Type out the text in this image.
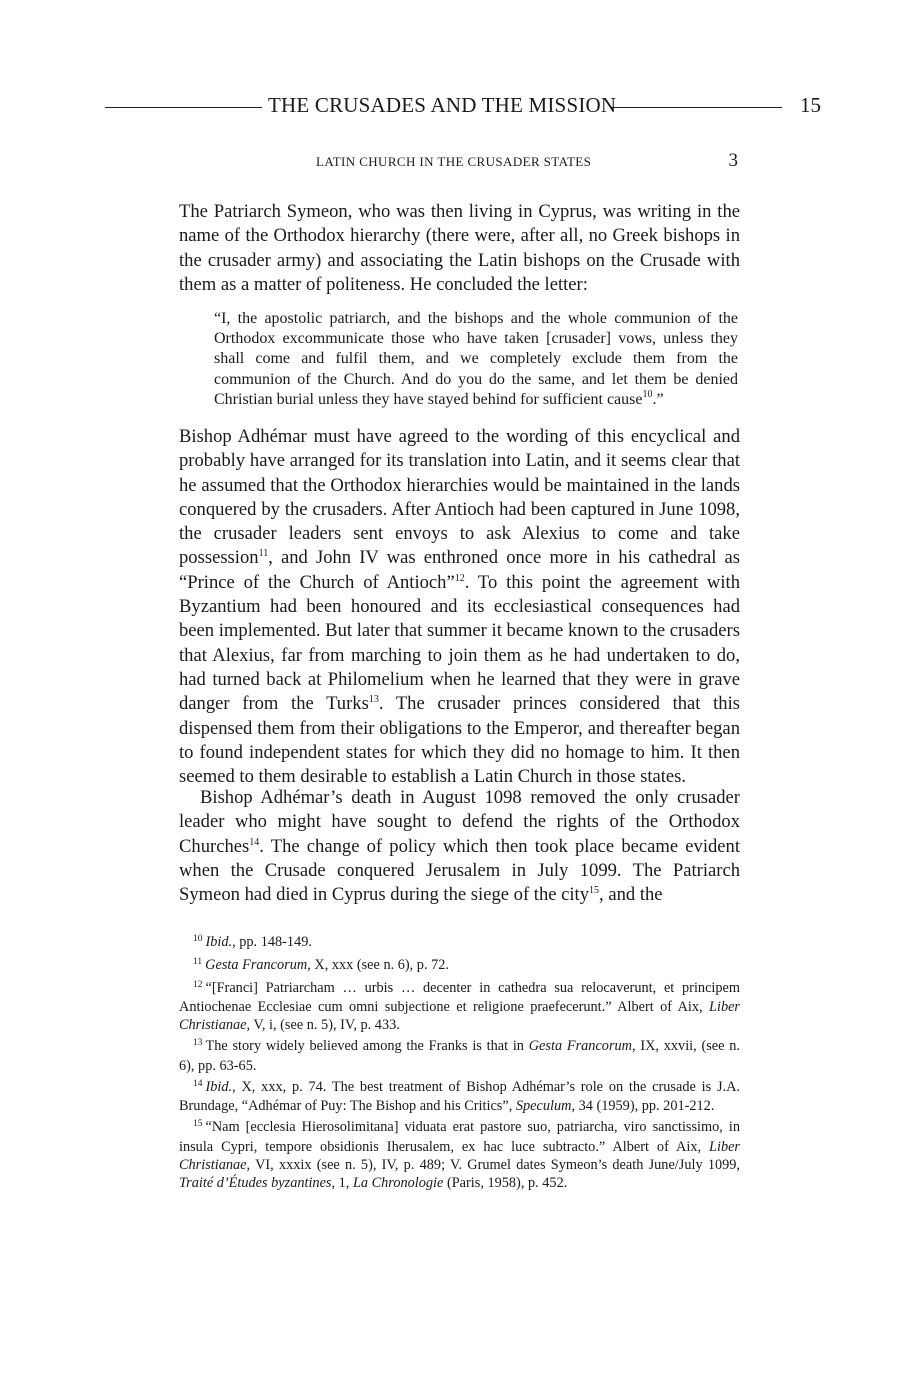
THE CRUSADES AND THE MISSION	15
LATIN CHURCH IN THE CRUSADER STATES	3

The Patriarch Symeon, who was then living in Cyprus, was writing in the name of the Orthodox hierarchy (there were, after all, no Greek bishops in the crusader army) and associating the Latin bishops on the Crusade with them as a matter of politeness. He concluded the letter:

“I, the apostolic patriarch, and the bishops and the whole communion of the Orthodox excommunicate those who have taken [crusader] vows, unless they shall come and fulfil them, and we completely exclude them from the communion of the Church. And do you do the same, and let them be denied Christian burial unless they have stayed behind for sufficient cause$^{10}$.”

Bishop Adhémar must have agreed to the wording of this encyclical and probably have arranged for its translation into Latin, and it seems clear that he assumed that the Orthodox hierarchies would be maintained in the lands conquered by the crusaders. After Antioch had been captured in June 1098, the crusader leaders sent envoys to ask Alexius to come and take possession$^{11}$, and John IV was enthroned once more in his cathedral as “Prince of the Church of Antioch”$^{12}$. To this point the agreement with Byzantium had been honoured and its ecclesiastical consequences had been implemented. But later that summer it became known to the crusaders that Alexius, far from marching to join them as he had undertaken to do, had turned back at Philomelium when he learned that they were in grave danger from the Turks$^{13}$. The crusader princes considered that this dispensed them from their obligations to the Emperor, and thereafter began to found independent states for which they did no homage to him. It then seemed to them desirable to establish a Latin Church in those states.

Bishop Adhémar’s death in August 1098 removed the only crusader leader who might have sought to defend the rights of the Orthodox Churches$^{14}$. The change of policy which then took place became evident when the Crusade conquered Jerusalem in July 1099. The Patriarch Symeon had died in Cyprus during the siege of the city$^{15}$, and the

$^{10}$ Ibid., pp. 148-149.
$^{11}$ Gesta Francorum, X, xxx (see n. 6), p. 72.
$^{12}$ “[Franci] Patriarcham … urbis … decenter in cathedra sua relocaverunt, et principem Antiochenae Ecclesiae cum omni subjectione et religione praefecerunt.” Albert of Aix, Liber Christianae, V, i, (see n. 5), IV, p. 433.
$^{13}$ The story widely believed among the Franks is that in Gesta Francorum, IX, xxvii, (see n. 6), pp. 63-65.
$^{14}$ Ibid., X, xxx, p. 74. The best treatment of Bishop Adhémar’s role on the crusade is J.A. Brundage, “Adhémar of Puy: The Bishop and his Critics”, Speculum, 34 (1959), pp. 201-212.
$^{15}$ “Nam [ecclesia Hierosolimitana] viduata erat pastore suo, patriarcha, viro sanctissimo, in insula Cypri, tempore obsidionis Iherusalem, ex hac luce subtracto.” Albert of Aix, Liber Christianae, VI, xxxix (see n. 5), IV, p. 489; V. Grumel dates Symeon’s death June/July 1099, Traité d’Études byzantines, 1, La Chronologie (Paris, 1958), p. 452.
